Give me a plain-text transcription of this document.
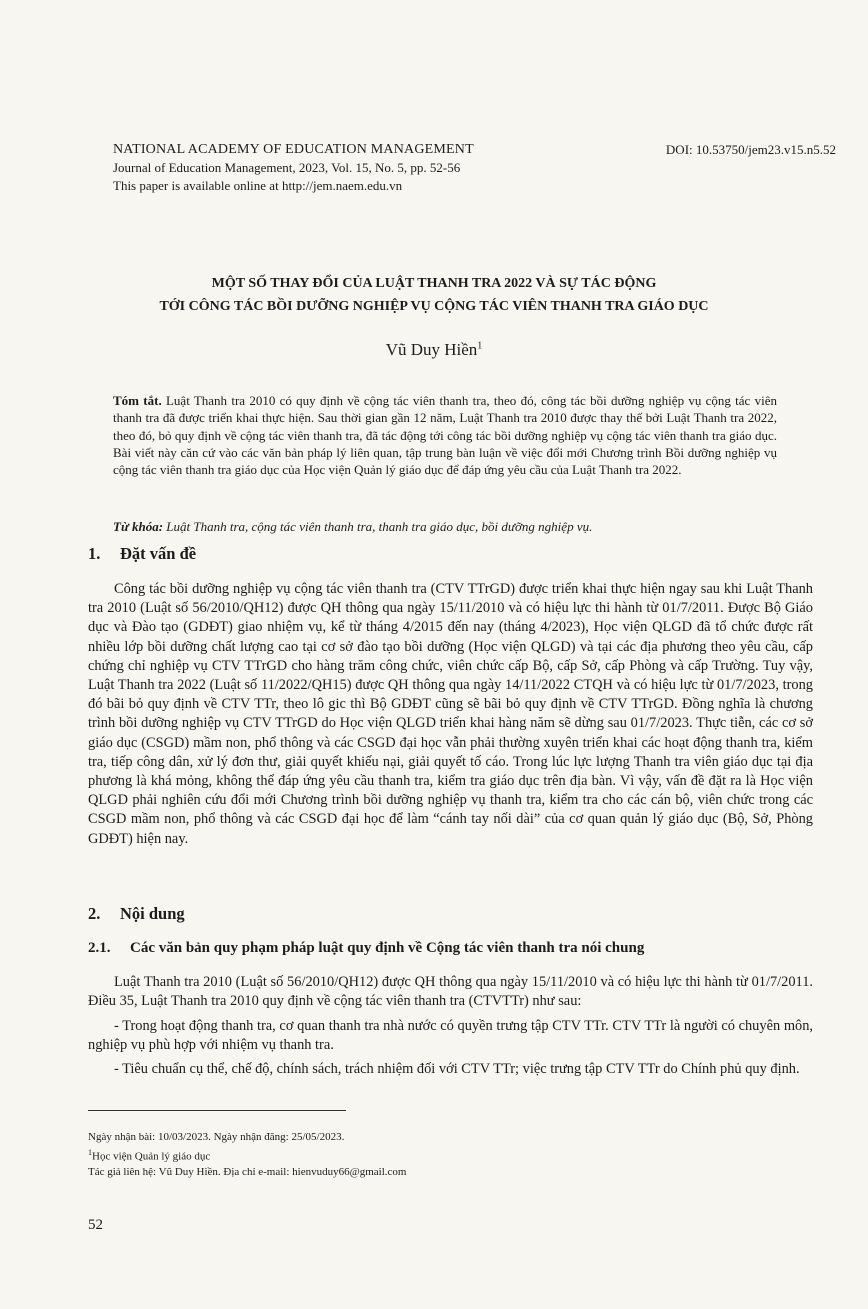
NATIONAL ACADEMY OF EDUCATION MANAGEMENT
Journal of Education Management, 2023, Vol. 15, No. 5, pp. 52-56
This paper is available online at http://jem.naem.edu.vn
DOI: 10.53750/jem23.v15.n5.52
MỘT SỐ THAY ĐỔI CỦA LUẬT THANH TRA 2022 VÀ SỰ TÁC ĐỘNG
TỚI CÔNG TÁC BỒI DƯỠNG NGHIỆP VỤ CỘNG TÁC VIÊN THANH TRA GIÁO DỤC
Vũ Duy Hiền$^1$
Tóm tắt. Luật Thanh tra 2010 có quy định về cộng tác viên thanh tra, theo đó, công tác bồi dưỡng nghiệp vụ cộng tác viên thanh tra đã được triển khai thực hiện. Sau thời gian gần 12 năm, Luật Thanh tra 2010 được thay thế bởi Luật Thanh tra 2022, theo đó, bỏ quy định về cộng tác viên thanh tra, đã tác động tới công tác bồi dưỡng nghiệp vụ cộng tác viên thanh tra giáo dục. Bài viết này căn cứ vào các văn bản pháp lý liên quan, tập trung bàn luận về việc đổi mới Chương trình Bồi dưỡng nghiệp vụ cộng tác viên thanh tra giáo dục của Học viện Quản lý giáo dục để đáp ứng yêu cầu của Luật Thanh tra 2022.
Từ khóa: Luật Thanh tra, cộng tác viên thanh tra, thanh tra giáo dục, bồi dưỡng nghiệp vụ.
1. Đặt vấn đề
Công tác bồi dưỡng nghiệp vụ cộng tác viên thanh tra (CTV TTrGD) được triển khai thực hiện ngay sau khi Luật Thanh tra 2010 (Luật số 56/2010/QH12) được QH thông qua ngày 15/11/2010 và có hiệu lực thi hành từ 01/7/2011. Được Bộ Giáo dục và Đào tạo (GDĐT) giao nhiệm vụ, kể từ tháng 4/2015 đến nay (tháng 4/2023), Học viện QLGD đã tổ chức được rất nhiều lớp bồi dưỡng chất lượng cao tại cơ sở đào tạo bồi dưỡng (Học viện QLGD) và tại các địa phương theo yêu cầu, cấp chứng chỉ nghiệp vụ CTV TTrGD cho hàng trăm công chức, viên chức cấp Bộ, cấp Sở, cấp Phòng và cấp Trường. Tuy vậy, Luật Thanh tra 2022 (Luật số 11/2022/QH15) được QH thông qua ngày 14/11/2022 CTQH và có hiệu lực từ 01/7/2023, trong đó bãi bỏ quy định về CTV TTr, theo lô gic thì Bộ GDĐT cũng sẽ bãi bỏ quy định về CTV TTrGD. Đồng nghĩa là chương trình bồi dưỡng nghiệp vụ CTV TTrGD do Học viện QLGD triển khai hàng năm sẽ dừng sau 01/7/2023. Thực tiễn, các cơ sở giáo dục (CSGD) mầm non, phổ thông và các CSGD đại học vẫn phải thường xuyên triển khai các hoạt động thanh tra, kiểm tra, tiếp công dân, xử lý đơn thư, giải quyết khiếu nại, giải quyết tố cáo. Trong lúc lực lượng Thanh tra viên giáo dục tại địa phương là khá mỏng, không thể đáp ứng yêu cầu thanh tra, kiểm tra giáo dục trên địa bàn. Vì vậy, vấn đề đặt ra là Học viện QLGD phải nghiên cứu đổi mới Chương trình bồi dưỡng nghiệp vụ thanh tra, kiểm tra cho các cán bộ, viên chức trong các CSGD mầm non, phổ thông và các CSGD đại học để làm “cánh tay nối dài” của cơ quan quản lý giáo dục (Bộ, Sở, Phòng GDĐT) hiện nay.
2. Nội dung
2.1. Các văn bản quy phạm pháp luật quy định về Cộng tác viên thanh tra nói chung
Luật Thanh tra 2010 (Luật số 56/2010/QH12) được QH thông qua ngày 15/11/2010 và có hiệu lực thi hành từ 01/7/2011. Điều 35, Luật Thanh tra 2010 quy định về cộng tác viên thanh tra (CTVTTr) như sau:
- Trong hoạt động thanh tra, cơ quan thanh tra nhà nước có quyền trưng tập CTV TTr. CTV TTr là người có chuyên môn, nghiệp vụ phù hợp với nhiệm vụ thanh tra.
- Tiêu chuẩn cụ thể, chế độ, chính sách, trách nhiệm đối với CTV TTr; việc trưng tập CTV TTr do Chính phủ quy định.
Ngày nhận bài: 10/03/2023. Ngày nhận đăng: 25/05/2023.
$^1$Học viện Quản lý giáo dục
Tác giả liên hệ: Vũ Duy Hiền. Địa chỉ e-mail: hienvuduy66@gmail.com
52
